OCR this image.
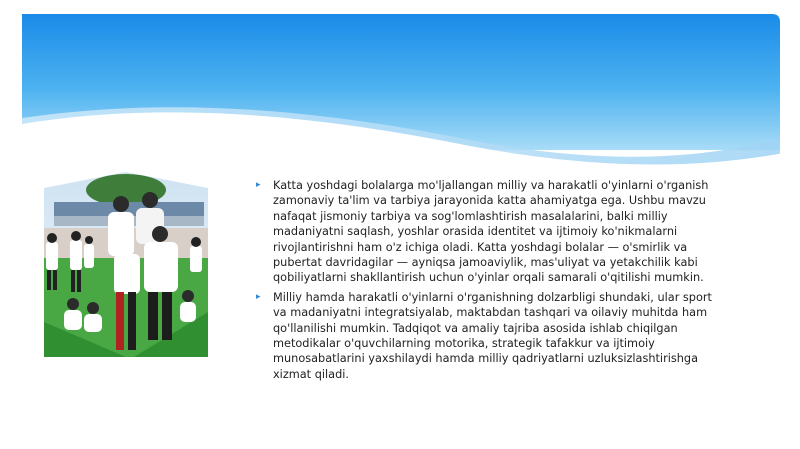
▸ Katta yoshdagi bolalarga mo'ljallangan milliy va harakatli o'yinlarni o'rganish zamonaviy ta'lim va tarbiya jarayonida katta ahamiyatga ega. Ushbu mavzu nafaqat jismoniy tarbiya va sog'lomlashtirish masalalarini, balki milliy madaniyatni saqlash, yoshlar orasida identitet va ijtimoiy ko'nikmalarni rivojlantirishni ham o'z ichiga oladi. Katta yoshdagi bolalar — o'smirlik va pubertat davridagilar — ayniqsa jamoaviylik, mas'uliyat va yetakchilik kabi qobiliyatlarni shakllantirish uchun o'yinlar orqali samarali o'qitilishi mumkin.
▸ Milliy hamda harakatli o'yinlarni o'rganishning dolzarbligi shundaki, ular sport va madaniyatni integratsiyalab, maktabdan tashqari va oilaviy muhitda ham qo'llanilishi mumkin. Tadqiqot va amaliy tajriba asosida ishlab chiqilgan metodikalar o'quvchilarning motorika, strategik tafakkur va ijtimoiy munosabatlarini yaxshilaydi hamda milliy qadriyatlarni uzluksizlashtirishga xizmat qiladi.
